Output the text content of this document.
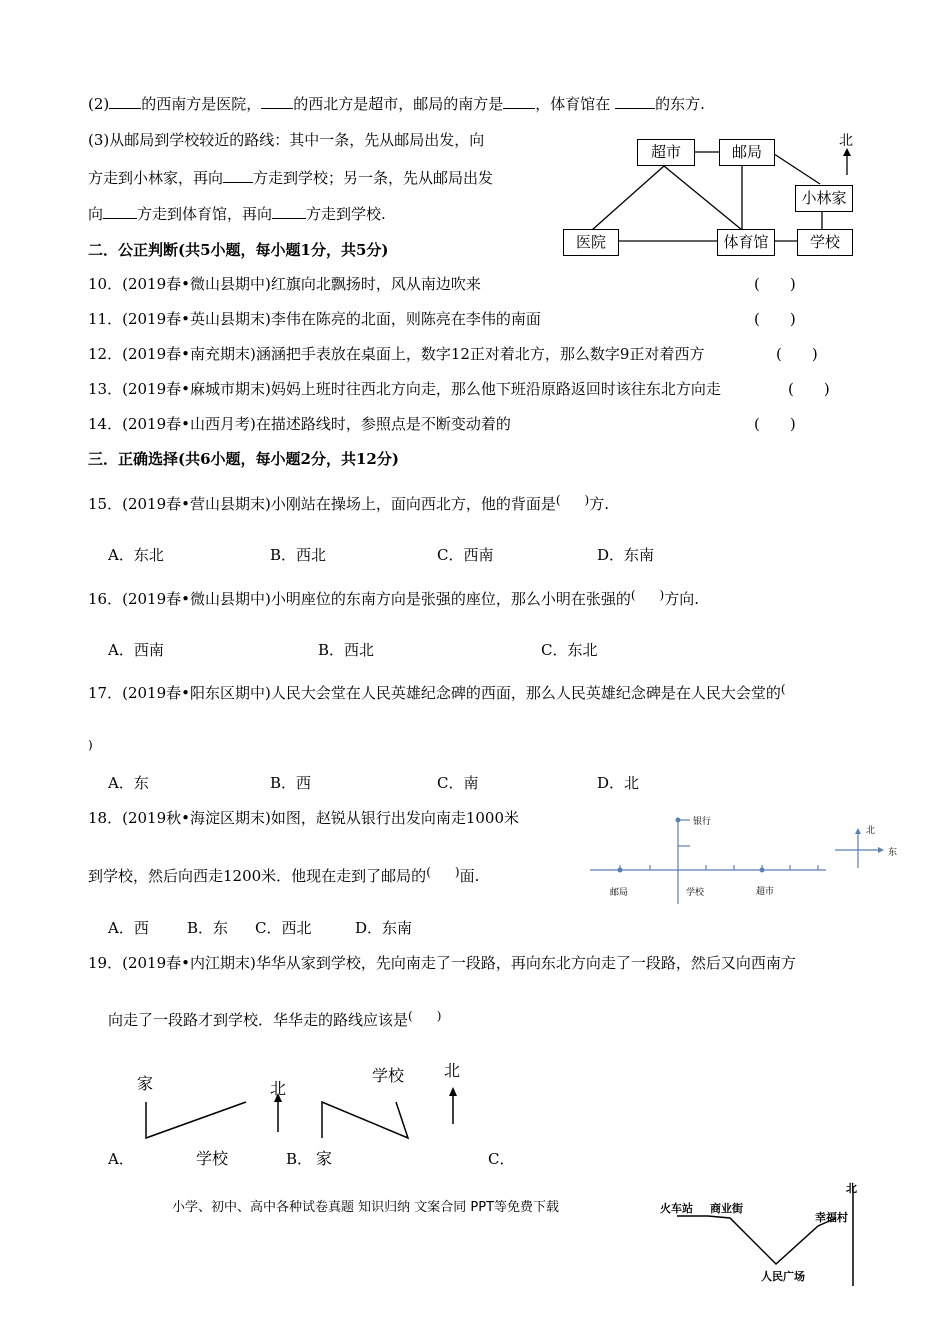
(2) 的西南方是医院， 的西北方是超市，邮局的南方是 ，体育馆在	的东方.
(3)从邮局到学校较近的路线：其中一条，先从邮局出发，向
方走到小林家，再向 方走到学校；另一条，先从邮局出发
向 方走到体育馆，再向 方走到学校.
超市	邮局
小林家
医院	体育馆	学校
北
二．公正判断(共5小题，每小题1分，共5分)
10．(2019春•微山县期中)红旗向北飘扬时，风从南边吹来	(　　)
11．(2019春•英山县期末)李伟在陈亮的北面，则陈亮在李伟的南面	(　　)
12．(2019春•南充期末)涵涵把手表放在桌面上，数字12正对着北方，那么数字9正对着西方	(　　)
13．(2019春•麻城市期末)妈妈上班时往西北方向走，那么他下班沿原路返回时该往东北方向走	(　　)
14．(2019春•山西月考)在描述路线时，参照点是不断变动着的	(　　)
三．正确选择(共6小题，每小题2分，共12分)
15．(2019春•营山县期末)小刚站在操场上，面向西北方，他的背面是(　　)方.
A．东北	B．西北	C．西南	D．东南
16．(2019春•微山县期中)小明座位的东南方向是张强的座位，那么小明在张强的(　　)方向.
A．西南	B．西北	C．东北
17．(2019春•阳东区期中)人民大会堂在人民英雄纪念碑的西面，那么人民英雄纪念碑是在人民大会堂的(
)
A．东	B．西	C．南	D．北
18．(2019秋•海淀区期末)如图，赵锐从银行出发向南走1000米
到学校，然后向西走1200米．他现在走到了邮局的(　　)面.
A．西	B．东 C．西北	D．东南
银行
邮局	学校	超市
北
东
19．(2019春•内江期末)华华从家到学校，先向南走了一段路，再向东北方向走了一段路，然后又向西南方
向走了一段路才到学校．华华走的路线应该是(　　)
家
学校
北
学校
家
北
A．	B．	C．
小学、初中、高中各种试卷真题 知识归纳 文案合同 PPT等免费下载	火车站 商业街
幸福村
人民广场
北
